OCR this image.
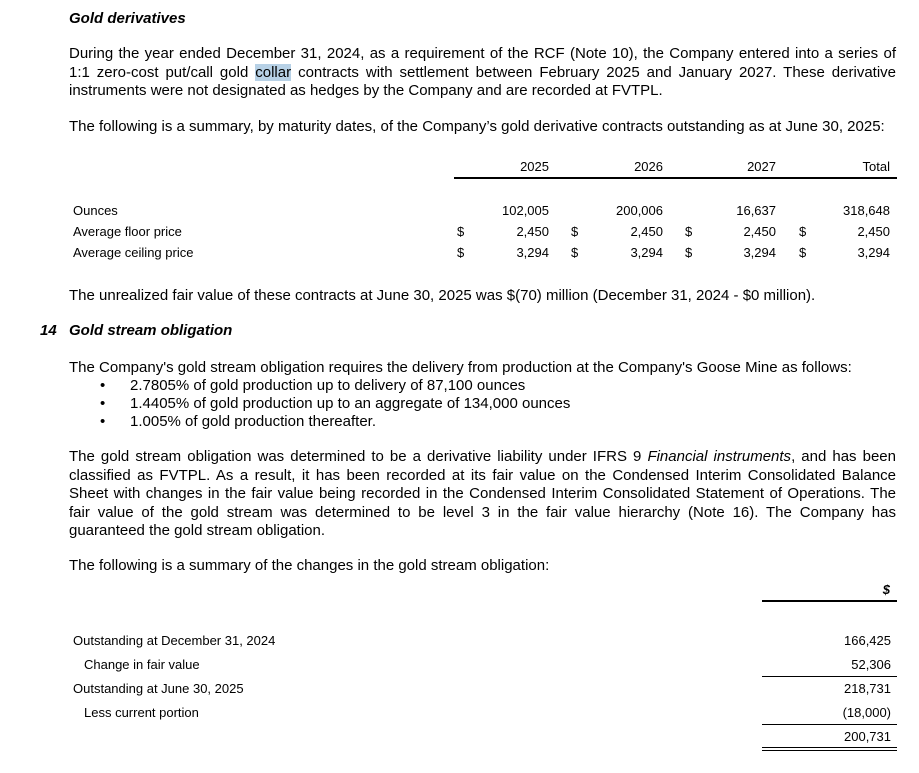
Gold derivatives
During the year ended December 31, 2024, as a requirement of the RCF (Note 10), the Company entered into a series of
1:1 zero-cost put/call gold collar contracts with settlement between February 2025 and January 2027. These derivative
instruments were not designated as hedges by the Company and are recorded at FVTPL.
The following is a summary, by maturity dates, of the Company’s gold derivative contracts outstanding as at June 30, 2025:
2025	2026	2027	Total
Ounces	102,005	200,006	16,637	318,648
Average floor price	$	2,450 $	2,450 $	2,450 $	2,450
Average ceiling price	$	3,294 $	3,294 $	3,294 $	3,294
The unrealized fair value of these contracts at June 30, 2025 was $(70) million (December 31, 2024 - $0 million).
14 Gold stream obligation
The Company's gold stream obligation requires the delivery from production at the Company's Goose Mine as follows:
• 2.7805% of gold production up to delivery of 87,100 ounces
• 1.4405% of gold production up to an aggregate of 134,000 ounces
• 1.005% of gold production thereafter.
The gold stream obligation was determined to be a derivative liability under IFRS 9 Financial instruments, and has been
classified as FVTPL. As a result, it has been recorded at its fair value on the Condensed Interim Consolidated Balance
Sheet with changes in the fair value being recorded in the Condensed Interim Consolidated Statement of Operations. The
fair value of the gold stream was determined to be level 3 in the fair value hierarchy (Note 16). The Company has
guaranteed the gold stream obligation.
The following is a summary of the changes in the gold stream obligation:
$
Outstanding at December 31, 2024	166,425
Change in fair value	52,306
Outstanding at June 30, 2025	218,731
Less current portion	(18,000)
200,731
